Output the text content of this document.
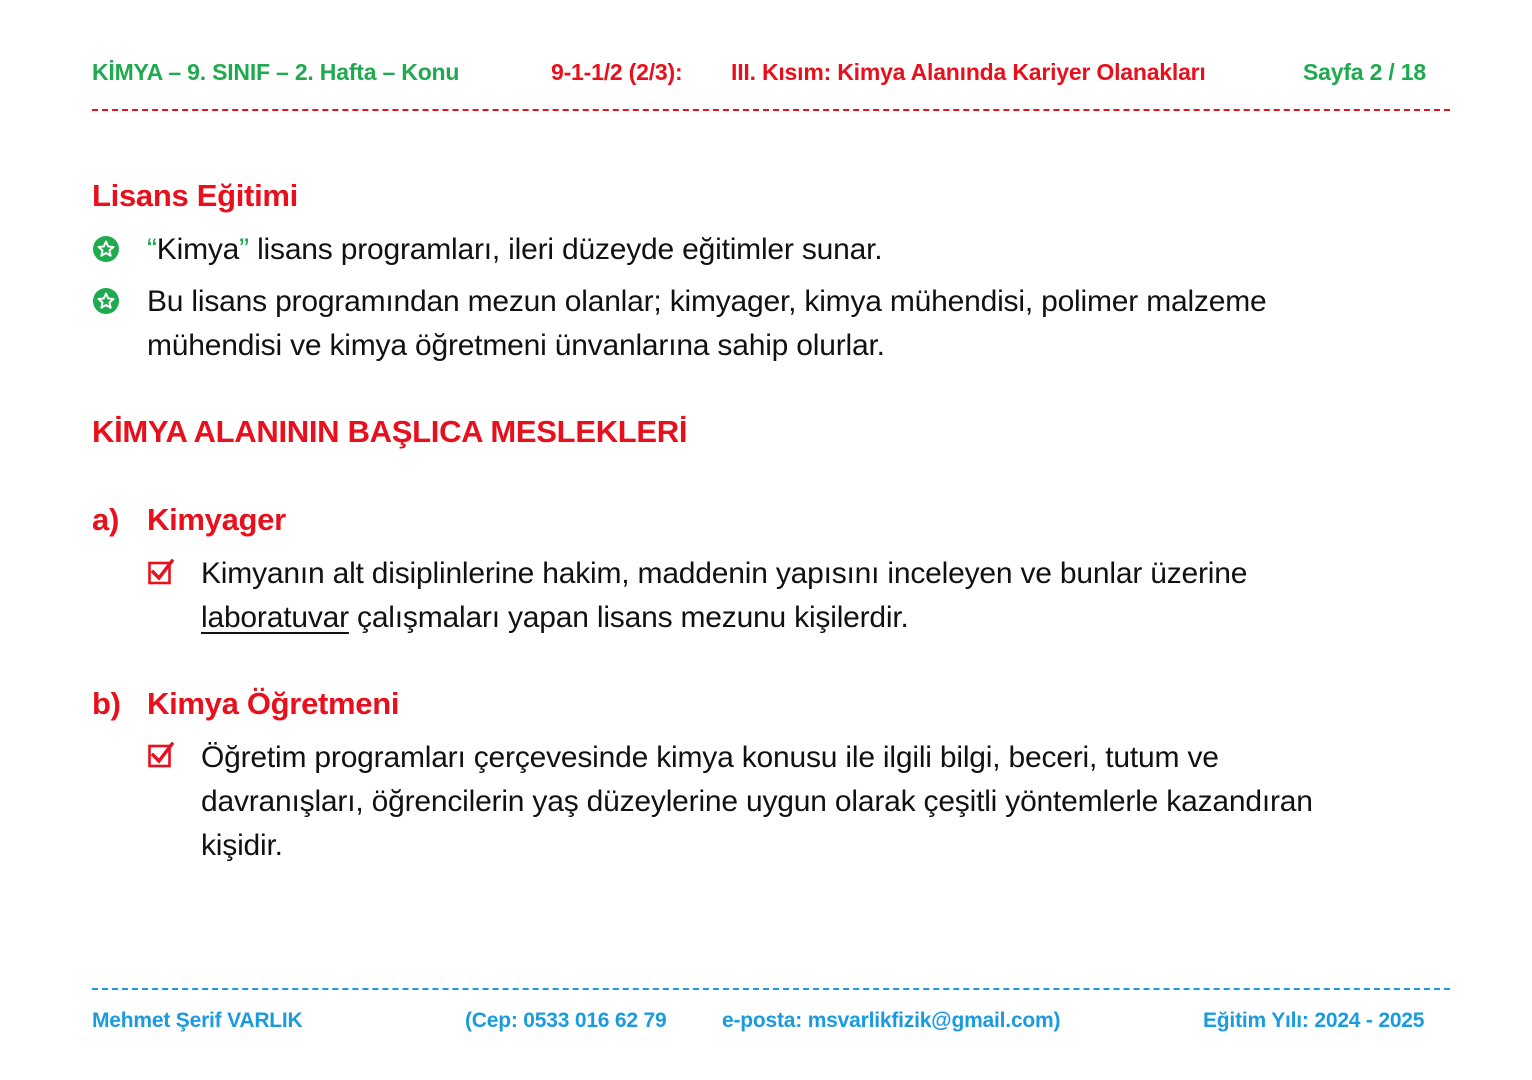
KİMYA – 9. SINIF – 2. Hafta – Konu	9-1-1/2 (2/3): III. Kısım: Kimya Alanında Kariyer Olanakları	Sayfa 2 / 18
Lisans Eğitimi
“Kimya” lisans programları, ileri düzeyde eğitimler sunar.
Bu lisans programından mezun olanlar; kimyager, kimya mühendisi, polimer malzeme
mühendisi ve kimya öğretmeni ünvanlarına sahip olurlar.
KİMYA ALANININ BAŞLICA MESLEKLERİ
a) Kimyager
Kimyanın alt disiplinlerine hakim, maddenin yapısını inceleyen ve bunlar üzerine
laboratuvar çalışmaları yapan lisans mezunu kişilerdir.
b) Kimya Öğretmeni
Öğretim programları çerçevesinde kimya konusu ile ilgili bilgi, beceri, tutum ve
davranışları, öğrencilerin yaş düzeylerine uygun olarak çeşitli yöntemlerle kazandıran
kişidir.
Mehmet Şerif VARLIK	(Cep: 0533 016 62 79	e-posta: msvarlikfizik@gmail.com)	Eğitim Yılı: 2024 - 2025
